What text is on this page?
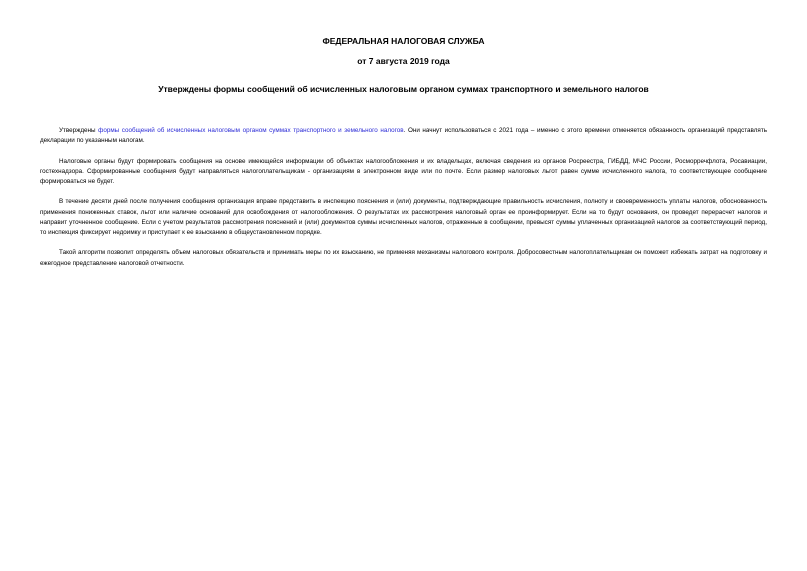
ФЕДЕРАЛЬНАЯ НАЛОГОВАЯ СЛУЖБА
от 7 августа 2019 года
Утверждены формы сообщений об исчисленных налоговым органом суммах транспортного и земельного налогов

Утверждены формы сообщений об исчисленных налоговым органом суммах транспортного и земельного налогов. Они начнут использоваться с 2021 года – именно с этого времени отменяется обязанность организаций представлять декларации по указанным налогам.

Налоговые органы будут формировать сообщения на основе имеющейся информации об объектах налогообложения и их владельцах, включая сведения из органов Росреестра, ГИБДД, МЧС России, Росморречфлота, Росавиации, гостехнадзора. Сформированные сообщения будут направляться налогоплательщикам - организациям в электронном виде или по почте. Если размер налоговых льгот равен сумме исчисленного налога, то соответствующее сообщение формироваться не будет.

В течение десяти дней после получения сообщения организация вправе представить в инспекцию пояснения и (или) документы, подтверждающие правильность исчисления, полноту и своевременность уплаты налогов, обоснованность применения пониженных ставок, льгот или наличие оснований для освобождения от налогообложения. О результатах их рассмотрения налоговый орган ее проинформирует. Если на то будут основания, он проведет перерасчет налогов и направит уточненное сообщение. Если с учетом результатов рассмотрения пояснений и (или) документов суммы исчисленных налогов, отраженные в сообщении, превысят суммы уплаченных организацией налогов за соответствующий период, то инспекция фиксирует недоимку и приступает к ее взысканию в общеустановленном порядке.

Такой алгоритм позволит определять объем налоговых обязательств и принимать меры по их взысканию, не применяя механизмы налогового контроля. Добросовестным налогоплательщикам он поможет избежать затрат на подготовку и ежегодное представление налоговой отчетности.
